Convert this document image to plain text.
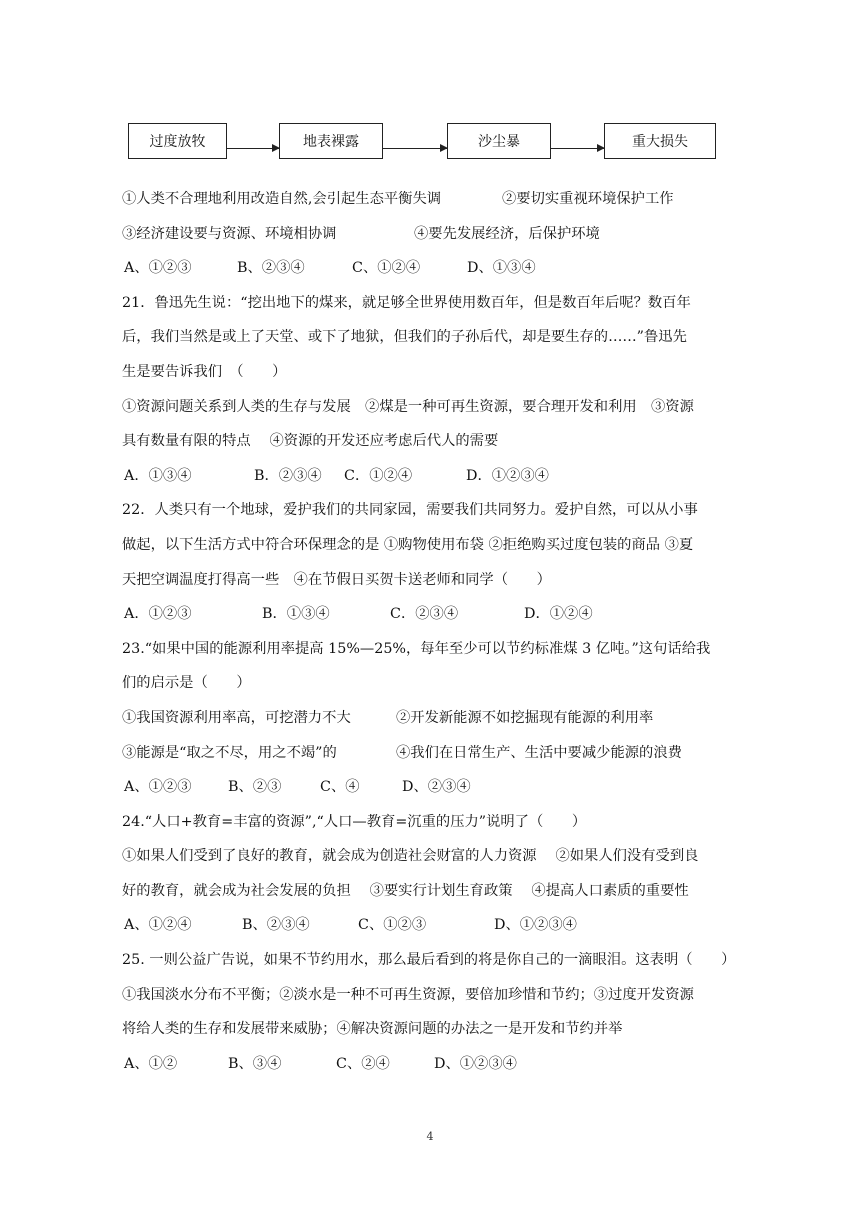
过度放牧	地表裸露	沙尘暴	重大损失
①人类不合理地利用改造自然,会引起生态平衡失调	②要切实重视环境保护工作
③经济建设要与资源、环境相协调	④要先发展经济，后保护环境
A、①②③	B、②③④	C、①②④	D、①③④
21．鲁迅先生说：“挖出地下的煤来，就足够全世界使用数百年，但是数百年后呢？数百年
后，我们当然是或上了天堂、或下了地狱，但我们的子孙后代，却是要生存的……”鲁迅先
生是要告诉我们　（　　）
①资源问题关系到人类的生存与发展　②煤是一种可再生资源，要合理开发和利用　③资源
具有数量有限的特点　 ④资源的开发还应考虑后代人的需要
A．①③④	B．②③④ C．①②④	D．①②③④
22．人类只有一个地球，爱护我们的共同家园，需要我们共同努力。爱护自然，可以从小事
做起，以下生活方式中符合环保理念的是 ①购物使用布袋 ②拒绝购买过度包装的商品 ③夏
天把空调温度打得高一些　④在节假日买贺卡送老师和同学（　　）
A．①②③	B．①③④	C．②③④	D．①②④
23.“如果中国的能源利用率提高 15%—25%，每年至少可以节约标准煤 3 亿吨。”这句话给我
们的启示是（　　）
①我国资源利用率高，可挖潜力不大	②开发新能源不如挖掘现有能源的利用率
③能源是“取之不尽，用之不竭”的	④我们在日常生产、生活中要减少能源的浪费
A、①②③	B、②③	C、④	D、②③④
24.“人口+教育=丰富的资源”,“人口—教育=沉重的压力”说明了（　　）
①如果人们受到了良好的教育，就会成为创造社会财富的人力资源　 ②如果人们没有受到良
好的教育，就会成为社会发展的负担　 ③要实行计划生育政策　 ④提高人口素质的重要性
A、①②④	B、②③④	C、①②③	D、①②③④
25. 一则公益广告说，如果不节约用水，那么最后看到的将是你自己的一滴眼泪。这表明（　　）
①我国淡水分布不平衡；②淡水是一种不可再生资源，要倍加珍惜和节约；③过度开发资源
将给人类的生存和发展带来威胁；④解决资源问题的办法之一是开发和节约并举
A、①②	B、③④	C、②④	D、①②③④
4
